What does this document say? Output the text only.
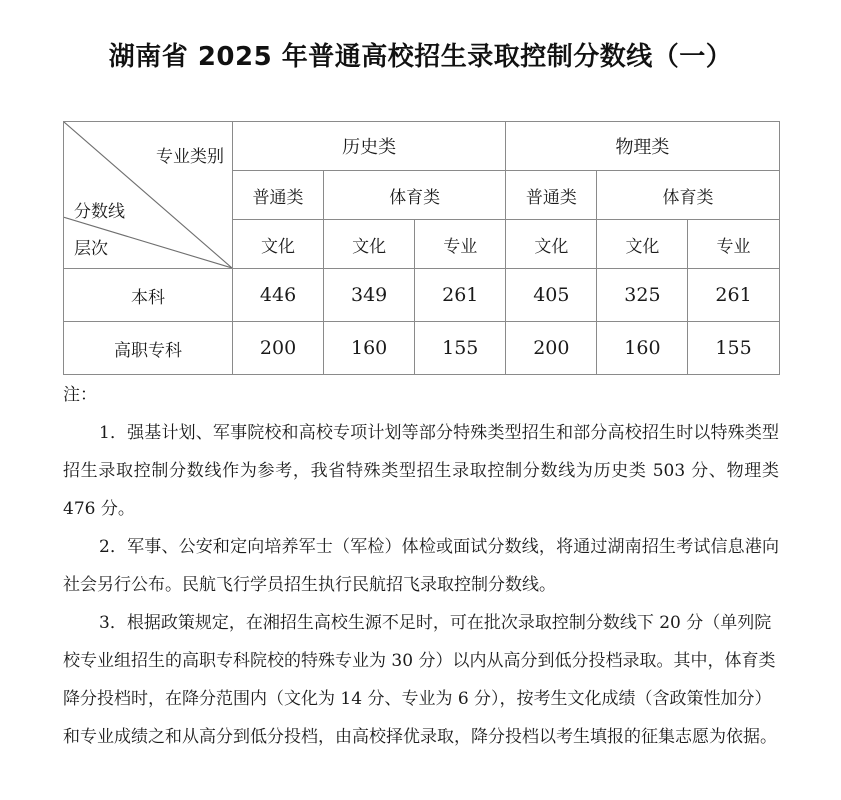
湖南省 2025 年普通高校招生录取控制分数线（一）
专业类别
分数线
层次	历史类			物理类		
	普通类	体育类		普通类	体育类	
	文化	文化	专业	文化	文化	专业
本科	446	349	261	405	325	261
高职专科	200	160	155	200	160	155

注：

1．强基计划、军事院校和高校专项计划等部分特殊类型招生和部分高校招生时以特殊类型招生录取控制分数线作为参考，我省特殊类型招生录取控制分数线为历史类 503 分、物理类 476 分。

2．军事、公安和定向培养军士（军检）体检或面试分数线，将通过湖南招生考试信息港向社会另行公布。民航飞行学员招生执行民航招飞录取控制分数线。

3．根据政策规定，在湘招生高校生源不足时，可在批次录取控制分数线下 20 分（单列院校专业组招生的高职专科院校的特殊专业为 30 分）以内从高分到低分投档录取。其中，体育类降分投档时，在降分范围内（文化为 14 分、专业为 6 分），按考生文化成绩（含政策性加分）和专业成绩之和从高分到低分投档，由高校择优录取，降分投档以考生填报的征集志愿为依据。
